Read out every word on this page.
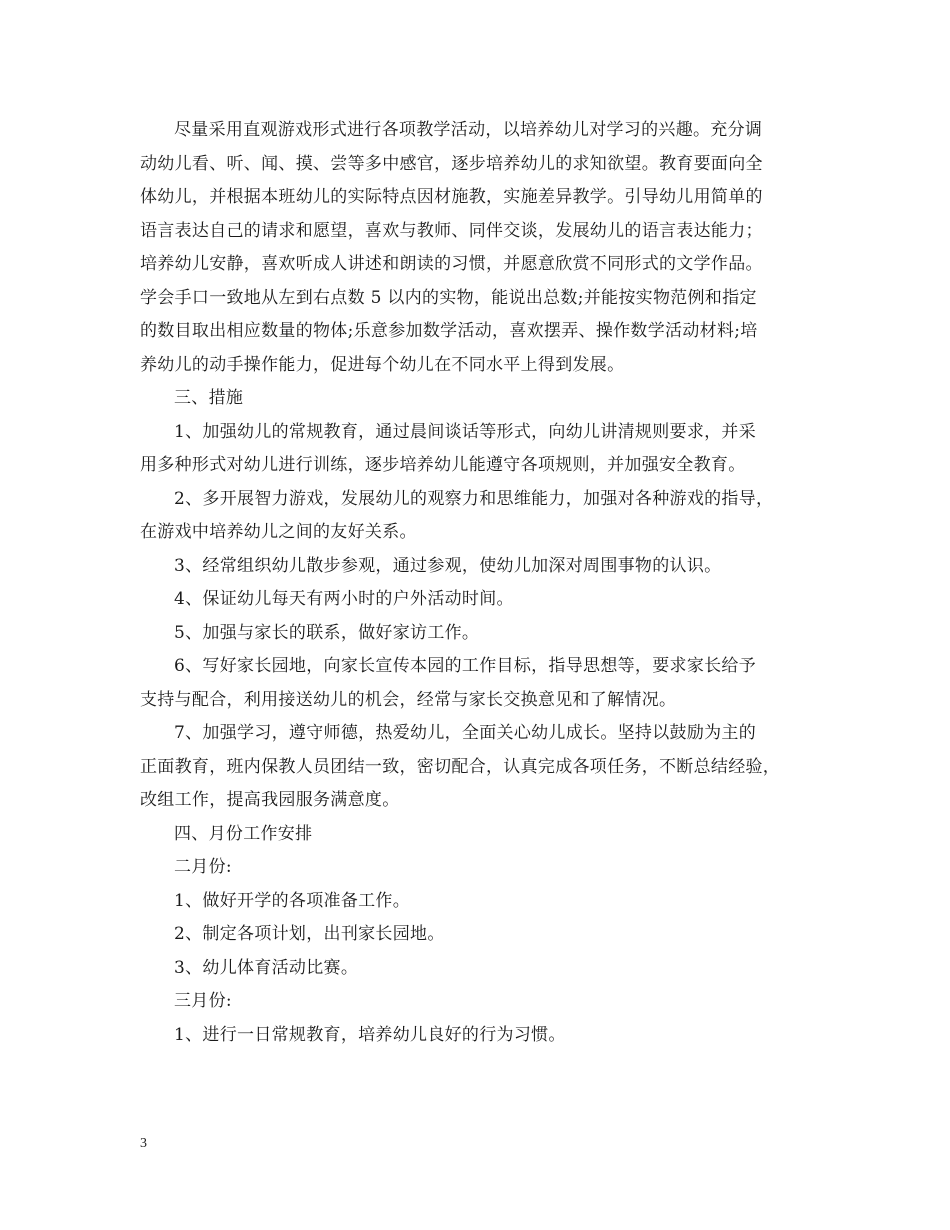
尽量采用直观游戏形式进行各项教学活动，以培养幼儿对学习的兴趣。充分调
动幼儿看、听、闻、摸、尝等多中感官，逐步培养幼儿的求知欲望。教育要面向全
体幼儿，并根据本班幼儿的实际特点因材施教，实施差异教学。引导幼儿用简单的
语言表达自己的请求和愿望，喜欢与教师、同伴交谈，发展幼儿的语言表达能力；
培养幼儿安静，喜欢听成人讲述和朗读的习惯，并愿意欣赏不同形式的文学作品。
学会手口一致地从左到右点数 5 以内的实物，能说出总数;并能按实物范例和指定
的数目取出相应数量的物体;乐意参加数学活动，喜欢摆弄、操作数学活动材料;培
养幼儿的动手操作能力，促进每个幼儿在不同水平上得到发展。
三、措施
1、加强幼儿的常规教育，通过晨间谈话等形式，向幼儿讲清规则要求，并采
用多种形式对幼儿进行训练，逐步培养幼儿能遵守各项规则，并加强安全教育。
2、多开展智力游戏，发展幼儿的观察力和思维能力，加强对各种游戏的指导，
在游戏中培养幼儿之间的友好关系。
3、经常组织幼儿散步参观，通过参观，使幼儿加深对周围事物的认识。
4、保证幼儿每天有两小时的户外活动时间。
5、加强与家长的联系，做好家访工作。
6、写好家长园地，向家长宣传本园的工作目标，指导思想等，要求家长给予
支持与配合，利用接送幼儿的机会，经常与家长交换意见和了解情况。
7、加强学习，遵守师德，热爱幼儿，全面关心幼儿成长。坚持以鼓励为主的
正面教育，班内保教人员团结一致，密切配合，认真完成各项任务，不断总结经验，
改组工作，提高我园服务满意度。
四、月份工作安排
二月份:
1、做好开学的各项准备工作。
2、制定各项计划，出刊家长园地。
3、幼儿体育活动比赛。
三月份:
1、进行一日常规教育，培养幼儿良好的行为习惯。

3
